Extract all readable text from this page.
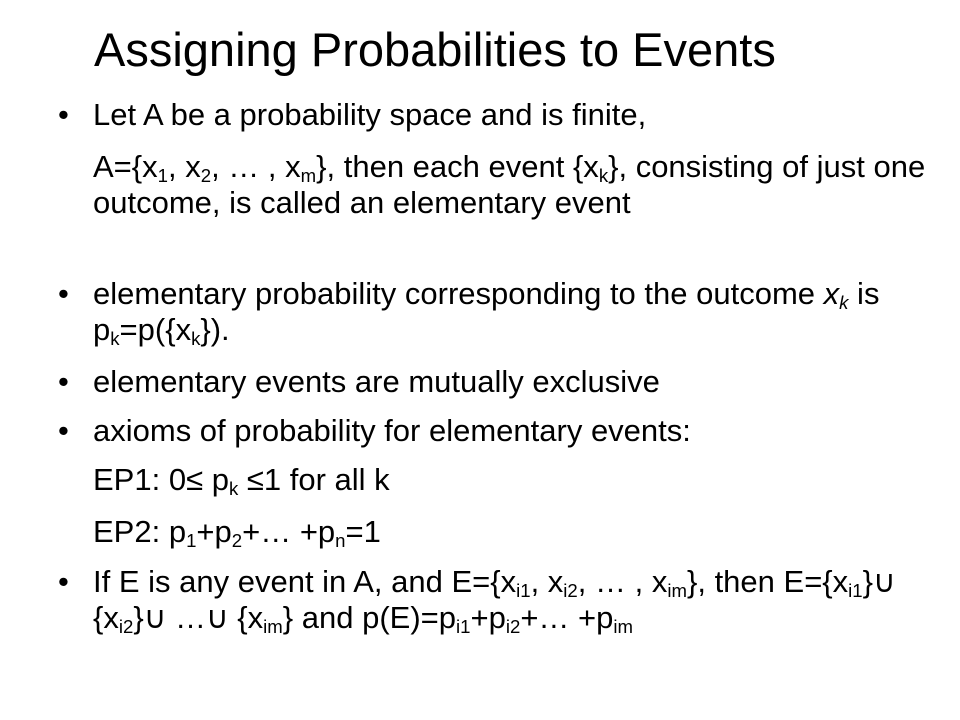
Assigning Probabilities to Events
• Let A be a probability space and is finite,

$A=\{x_1$, $x_2$, … , $x_m$}, then each event $\{x_k\}$, consisting of just one outcome, is called an elementary event

• elementary probability corresponding to the outcome $x_k$ is $p_k=p(\{x_k\})$.

• elementary events are mutually exclusive

• axioms of probability for elementary events:

EP1: $0\le p_k \le 1$ for all k

EP2: $p_1+p_2+\dots +p_n=1$

• If E is any event in A, and $E=\{x_{i1}$, $x_{i2}$, … , $x_{im}$}, then $E=\{x_{i1}\}\cup$ $\{x_{i2}\}\cup$ …∪ $\{x_{im}\}$ and $p(E)=p_{i1}+p_{i2}+\dots +p_{im}$
